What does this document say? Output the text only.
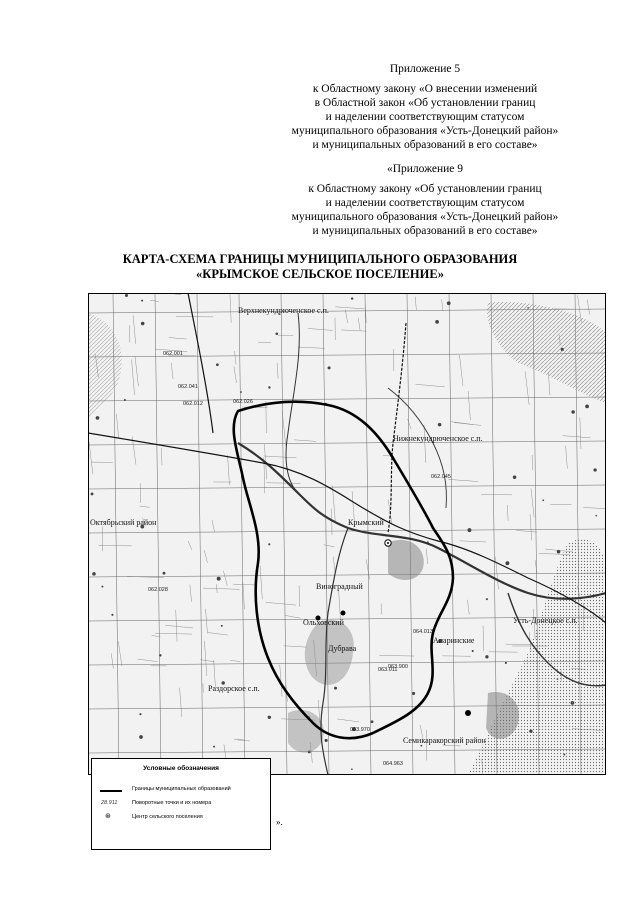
Приложение 5
к Областному закону «О внесении изменений
в Областной закон «Об установлении границ
и наделении соответствующим статусом
муниципального образования «Усть-Донецкий район»
и муниципальных образований в его составе»
«Приложение 9
к Областному закону «Об установлении границ
и наделении соответствующим статусом
муниципального образования «Усть-Донецкий район»
и муниципальных образований в его составе»
КАРТА-СХЕМА ГРАНИЦЫ МУНИЦИПАЛЬНОГО ОБРАЗОВАНИЯ
«КРЫМСКОЕ СЕЛЬСКОЕ ПОСЕЛЕНИЕ»
Верхнекундрюченское с.п.
Нижнекундрюченское с.п.
Октябрьский район	Крымский
Виноградный
Ольховский
Дубрава
Апаринские
Раздорское с.п.
Семикаракорский район
Усть-Донецкое с.п.
062.041
062.001
062.028
062.012	062.026
062.045
064.013
063.900
063.970
063.011
064.963
Условные обозначения
Границы муниципальных образований
28.911	Поворотные точки и их номера
⊛	Центр сельского поселения	».
